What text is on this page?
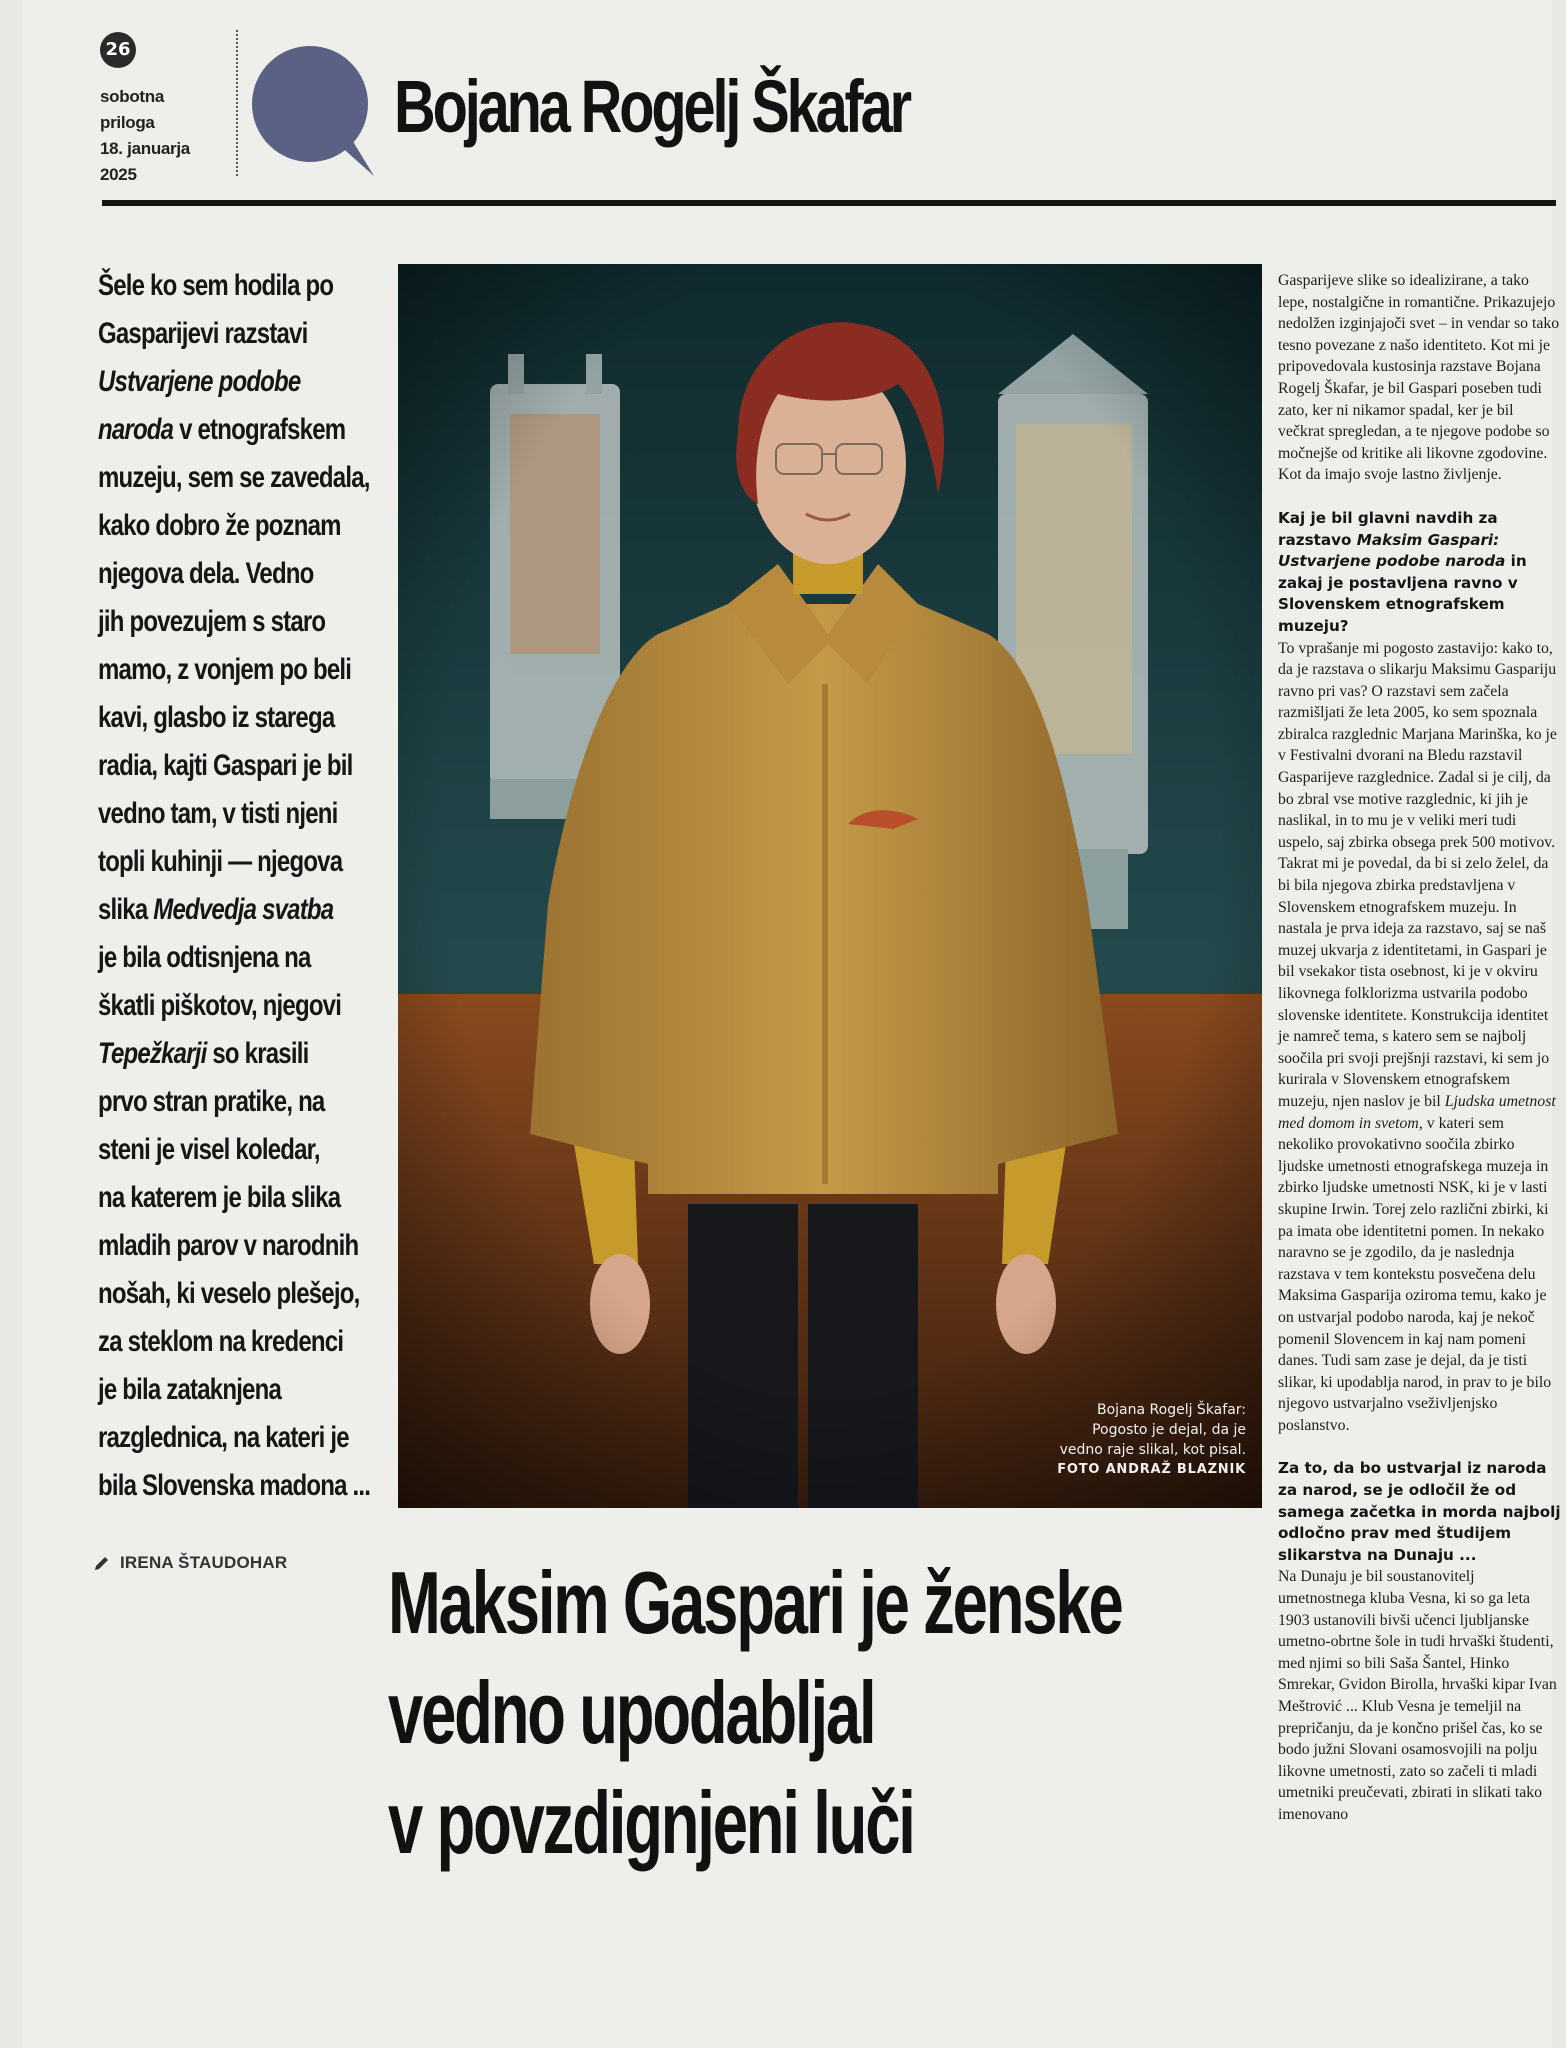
26
sobotna
priloga
18. januarja 2025
Bojana Rogelj Škafar
Šele ko sem hodila po
Gasparijevi razstavi
Ustvarjene podobe
naroda v etnografskem
muzeju, sem se zavedala,
kako dobro že poznam
njegova dela. Vedno
jih povezujem s staro
mamo, z vonjem po beli
kavi, glasbo iz starega
radia, kajti Gaspari je bil
vedno tam, v tisti njeni
topli kuhinji — njegova
slika Medvedja svatba
je bila odtisnjena na
škatli piškotov, njegovi
Tepežkarji so krasili
prvo stran pratike, na
steni je visel koledar,
na katerem je bila slika
mladih parov v narodnih
nošah, ki veselo plešejo,
za steklom na kredenci
je bila zataknjena
razglednica, na kateri je
bila Slovenska madona ...
IRENA ŠTAUDOHAR
Bojana Rogelj Škafar:
Pogosto je dejal, da je
vedno raje slikal, kot pisal.
FOTO ANDRAŽ BLAZNIK
Maksim Gaspari je ženske
vedno upodabljal
v povzdignjeni luči

Gasparijeve slike so idealizirane, a tako lepe, nostalgične in romantične. Prikazujejo nedolžen izginjajoči svet – in vendar so tako tesno povezane z našo identiteto. Kot mi je pripovedovala kustosinja razstave Bojana Rogelj Škafar, je bil Gaspari poseben tudi zato, ker ni nikamor spadal, ker je bil večkrat spregledan, a te njegove podobe so močnejše od kritike ali likovne zgodovine. Kot da imajo svoje lastno življenje.

Kaj je bil glavni navdih za razstavo Maksim Gaspari: Ustvarjene podobe naroda in zakaj je postavljena ravno v Slovenskem etnografskem muzeju?

To vprašanje mi pogosto zastavijo: kako to, da je razstava o slikarju Maksimu Gaspariju ravno pri vas? O razstavi sem začela razmišljati že leta 2005, ko sem spoznala zbiralca razglednic Marjana Marinška, ko je v Festivalni dvorani na Bledu razstavil Gasparijeve razglednice. Zadal si je cilj, da bo zbral vse motive razglednic, ki jih je naslikal, in to mu je v veliki meri tudi uspelo, saj zbirka obsega prek 500 motivov. Takrat mi je povedal, da bi si zelo želel, da bi bila njegova zbirka predstavljena v Slovenskem etnografskem muzeju. In nastala je prva ideja za razstavo, saj se naš muzej ukvarja z identitetami, in Gaspari je bil vsekakor tista osebnost, ki je v okviru likovnega folklorizma ustvarila podobo slovenske identitete. Konstrukcija identitet je namreč tema, s katero sem se najbolj soočila pri svoji prejšnji razstavi, ki sem jo kurirala v Slovenskem etnografskem muzeju, njen naslov je bil Ljudska umetnost med domom in svetom, v kateri sem nekoliko provokativno soočila zbirko ljudske umetnosti etnografskega muzeja in zbirko ljudske umetnosti NSK, ki je v lasti skupine Irwin. Torej zelo različni zbirki, ki pa imata obe identitetni pomen. In nekako naravno se je zgodilo, da je naslednja razstava v tem kontekstu posvečena delu Maksima Gasparija oziroma temu, kako je on ustvarjal podobo naroda, kaj je nekoč pomenil Slovencem in kaj nam pomeni danes. Tudi sam zase je dejal, da je tisti slikar, ki upodablja narod, in prav to je bilo njegovo ustvarjalno vseživljenjsko poslanstvo.

Za to, da bo ustvarjal iz naroda za narod, se je odločil že od samega začetka in morda najbolj odločno prav med študijem slikarstva na Dunaju ...

Na Dunaju je bil soustanovitelj umetnostnega kluba Vesna, ki so ga leta 1903 ustanovili bivši učenci ljubljanske umetno-obrtne šole in tudi hrvaški študenti, med njimi so bili Saša Šantel, Hinko Smrekar, Gvidon Birolla, hrvaški kipar Ivan Meštrović ... Klub Vesna je temeljil na prepričanju, da je končno prišel čas, ko se bodo južni Slovani osamosvojili na polju likovne umetnosti, zato so začeli ti mladi umetniki preučevati, zbirati in slikati tako imenovano
